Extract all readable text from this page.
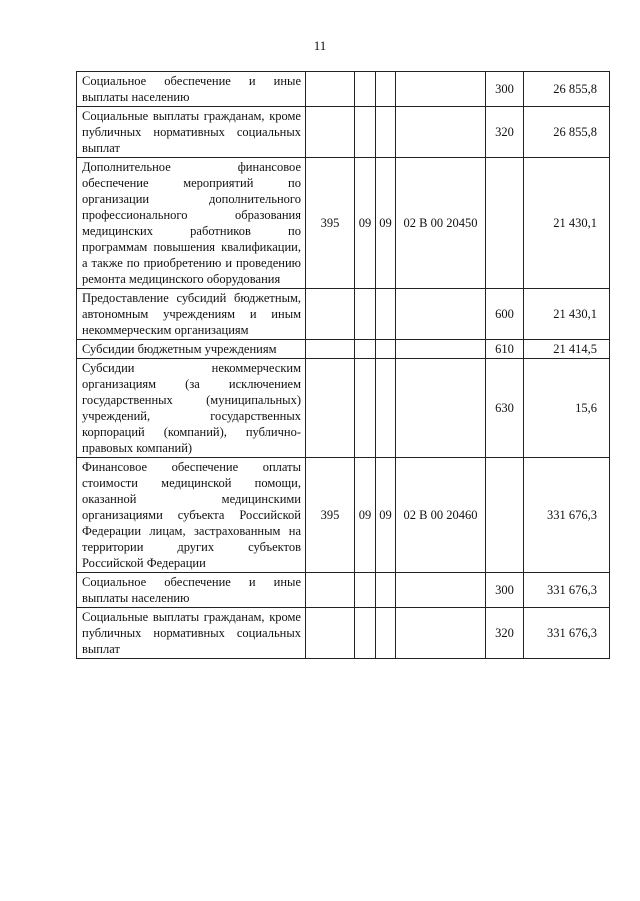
11
Социальное обеспечение и иные выплаты населению					300	26 855,8
Социальные выплаты гражданам, кроме публичных нормативных социальных выплат					320	26 855,8
Дополнительное финансовое обеспечение мероприятий по организации дополнительного профессионального образования медицинских работников по программам повышения квалификации, а также по приобретению и проведению ремонта медицинского оборудования	395	09	09	02 В 00 20450		21 430,1
Предоставление субсидий бюджетным, автономным учреждениям и иным некоммерческим организациям					600	21 430,1
Субсидии бюджетным учреждениям					610	21 414,5
Субсидии некоммерческим организациям (за исключением государственных (муниципальных) учреждений, государственных корпораций (компаний), публично-правовых компаний)					630	15,6
Финансовое обеспечение оплаты стоимости медицинской помощи, оказанной медицинскими организациями субъекта Российской Федерации лицам, застрахованным на территории других субъектов Российской Федерации	395	09	09	02 В 00 20460		331 676,3
Социальное обеспечение и иные выплаты населению					300	331 676,3
Социальные выплаты гражданам, кроме публичных нормативных социальных выплат					320	331 676,3
